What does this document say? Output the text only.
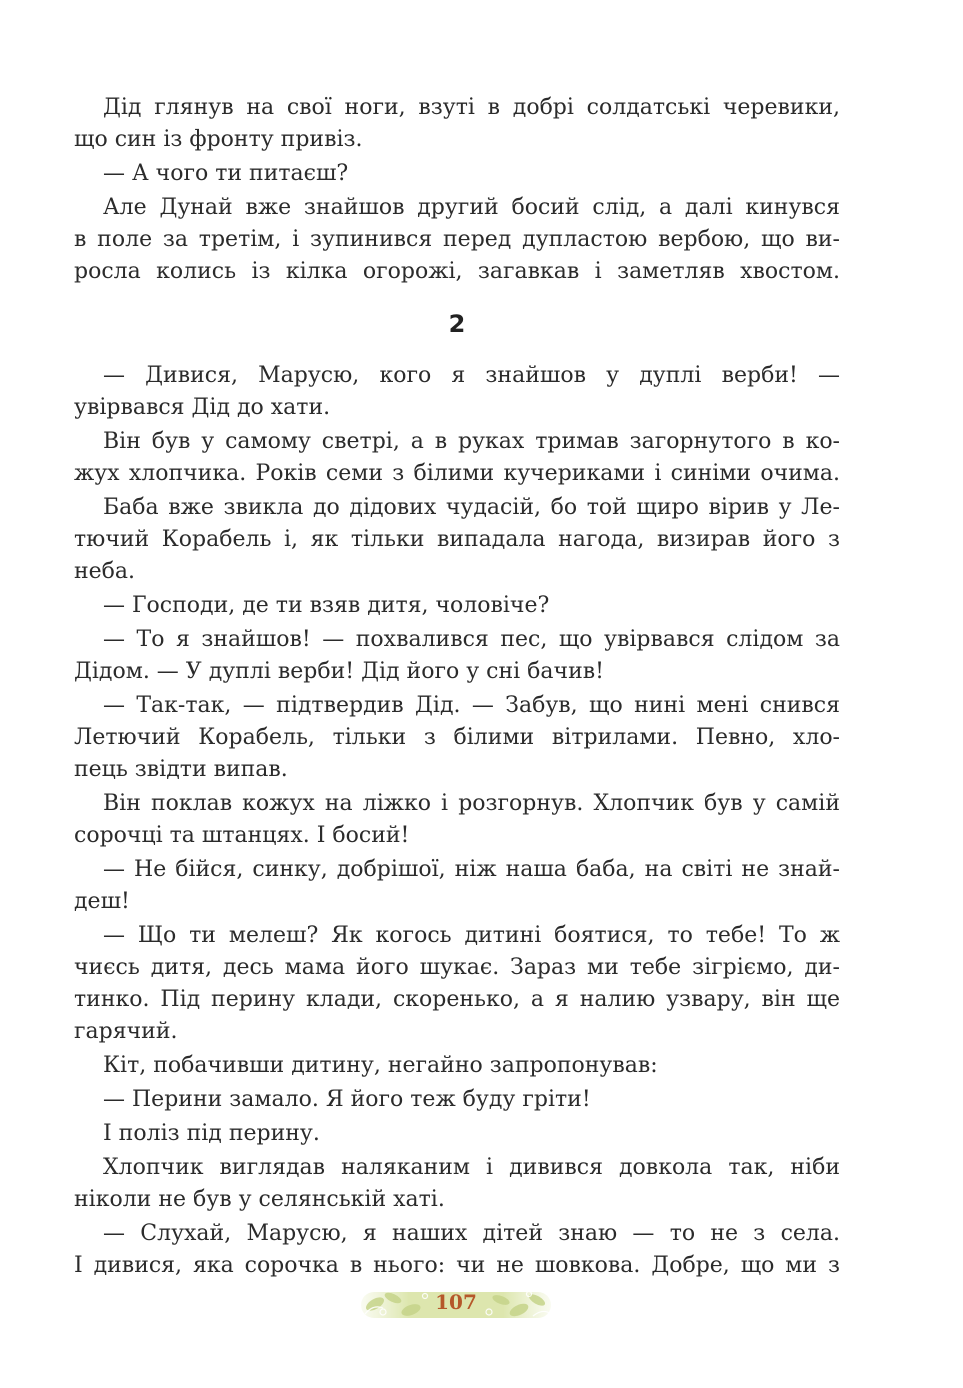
Дід глянув на свої ноги, взуті в добрі солдатські черевики,
що син із фронту привіз.
— А чого ти питаєш?
Але Дунай вже знайшов другий босий слід, а далі кинувся
в поле за третім, і зупинився перед дупластою вербою, що ви-
росла колись із кілка огорожі, загавкав і заметляв хвостом.
2
— Дивися, Марусю, кого я знайшов у дуплі верби! —
увірвався Дід до хати.
Він був у самому светрі, а в руках тримав загорнутого в ко-
жух хлопчика. Років семи з білими кучериками і синіми очима.
Баба вже звикла до дідових чудасій, бо той щиро вірив у Ле-
тючий Корабель і, як тільки випадала нагода, визирав його з
неба.
— Господи, де ти взяв дитя, чоловіче?
— То я знайшов! — похвалився пес, що увірвався слідом за
Дідом. — У дуплі верби! Дід його у сні бачив!
— Так-так, — підтвердив Дід. — Забув, що нині мені снився
Летючий Корабель, тільки з білими вітрилами. Певно, хло-
пець звідти випав.
Він поклав кожух на ліжко і розгорнув. Хлопчик був у самій
сорочці та штанцях. І босий!
— Не бійся, синку, добрішої, ніж наша баба, на світі не знай-
деш!
— Що ти мелеш? Як когось дитині боятися, то тебе! То ж
чиєсь дитя, десь мама його шукає. Зараз ми тебе зігріємо, ди-
тинко. Під перину клади, скоренько, а я налию узвару, він ще
гарячий.
Кіт, побачивши дитину, негайно запропонував:
— Перини замало. Я його теж буду гріти!
І поліз під перину.
Хлопчик виглядав наляканим і дивився довкола так, ніби
ніколи не був у селянській хаті.
— Слухай, Марусю, я наших дітей знаю — то не з села.
І дивися, яка сорочка в нього: чи не шовкова. Добре, що ми з
107
